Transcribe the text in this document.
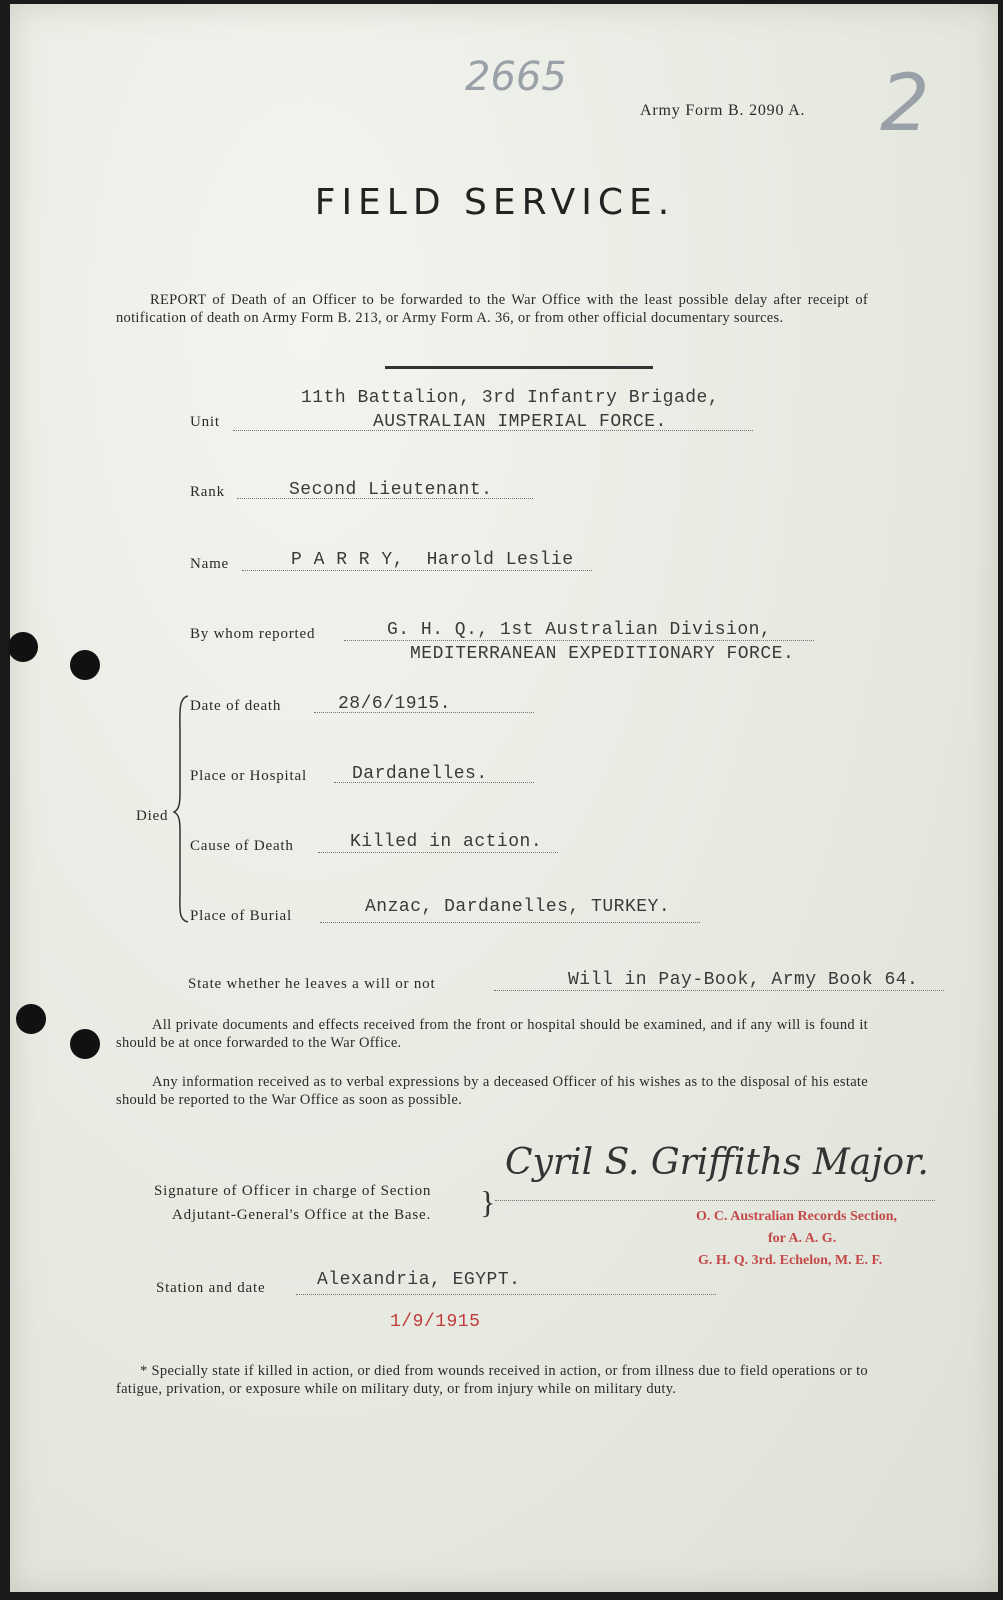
2665	2
Army Form B. 2090 A.
FIELD SERVICE.
REPORT of Death of an Officer to be forwarded to the War Office with the least possible delay after receipt of notification of death on Army Form B. 213, or Army Form A. 36, or from other official documentary sources.
Unit
11th Battalion, 3rd Infantry Brigade,
AUSTRALIAN IMPERIAL FORCE.
Rank	Second Lieutenant.
Name	P A R R Y,  Harold Leslie
By whom reported	G. H. Q., 1st Australian Division,
MEDITERRANEAN EXPEDITIONARY FORCE.
Died
Date of death	28/6/1915.
Place or Hospital	Dardanelles.
Cause of Death	Killed in action.
Place of Burial	Anzac, Dardanelles, TURKEY.
State whether he leaves a will or not	Will in Pay-Book, Army Book 64.
All private documents and effects received from the front or hospital should be examined, and if any will is found it should be at once forwarded to the War Office.
Any information received as to verbal expressions by a deceased Officer of his wishes as to the disposal of his estate should be reported to the War Office as soon as possible.
Signature of Officer in charge of Section
Adjutant-General's Office at the Base. }
Cyril S. Griffiths Major.
O. C. Australian Records Section,
for A. A. G.
G. H. Q. 3rd. Echelon, M. E. F.
Station and date	Alexandria, EGYPT.
1/9/1915
* Specially state if killed in action, or died from wounds received in action, or from illness due to field operations or to fatigue, privation, or exposure while on military duty, or from injury while on military duty.
